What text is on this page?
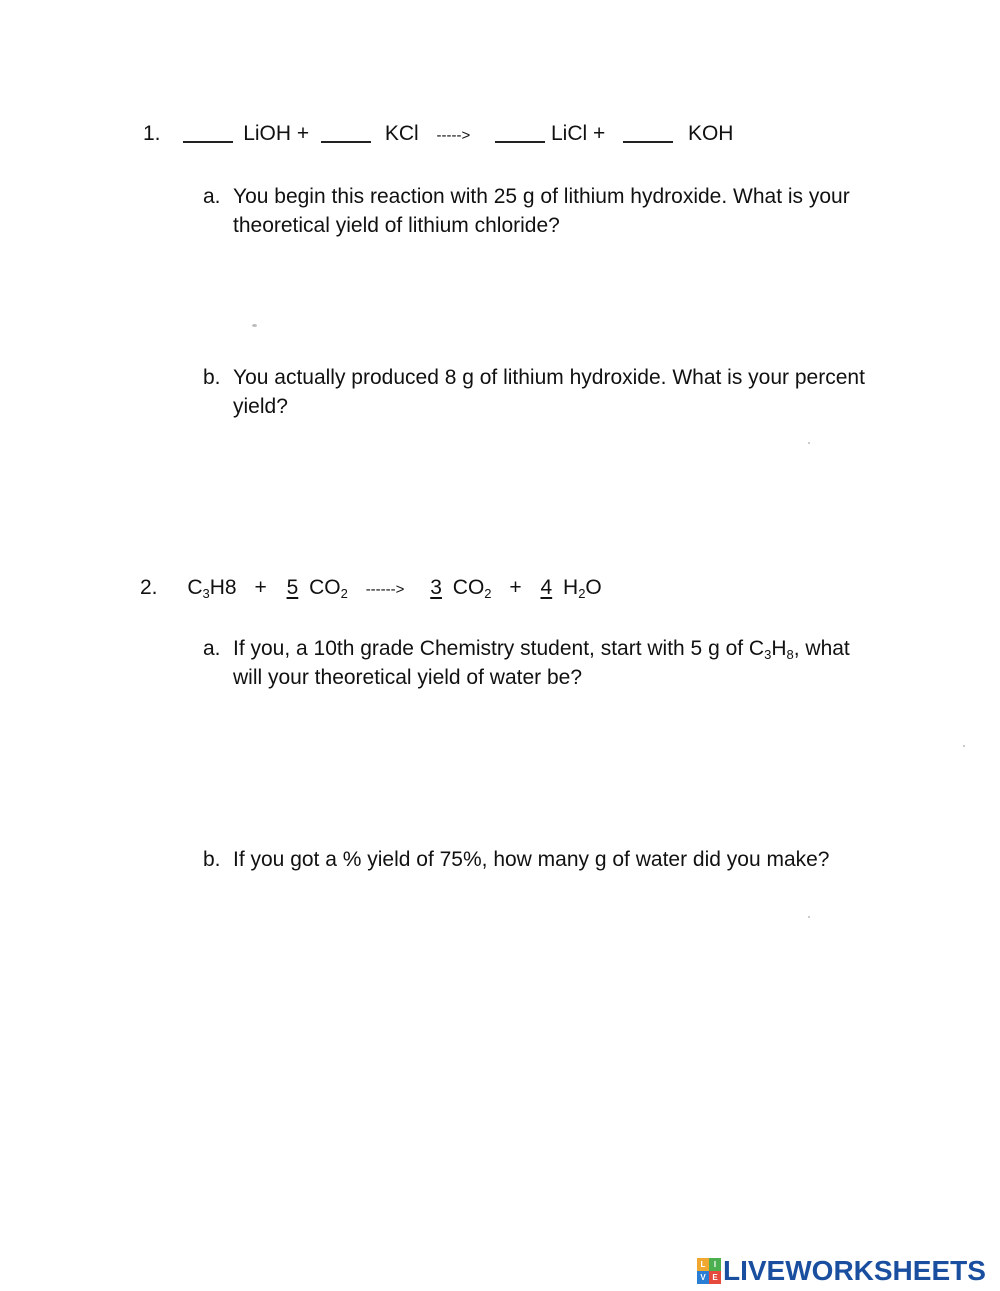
1.	LiOH +	KCl ----->	LiCl +	KOH
a. You begin this reaction with 25 g of lithium hydroxide. What is your theoretical yield of lithium chloride?
b. You actually produced 8 g of lithium hydroxide. What is your percent yield?
2. $C_3H8 + 5$ $CO_2$ ------> 3 $CO_2 + 4$ $H_2O$
a. If you, a 10th grade Chemistry student, start with 5 g of $C_3H_8$, what will your theoretical yield of water be?
b. If you got a % yield of 75%, how many g of water did you make?
L	I
V E LIVEWORKSHEETS
